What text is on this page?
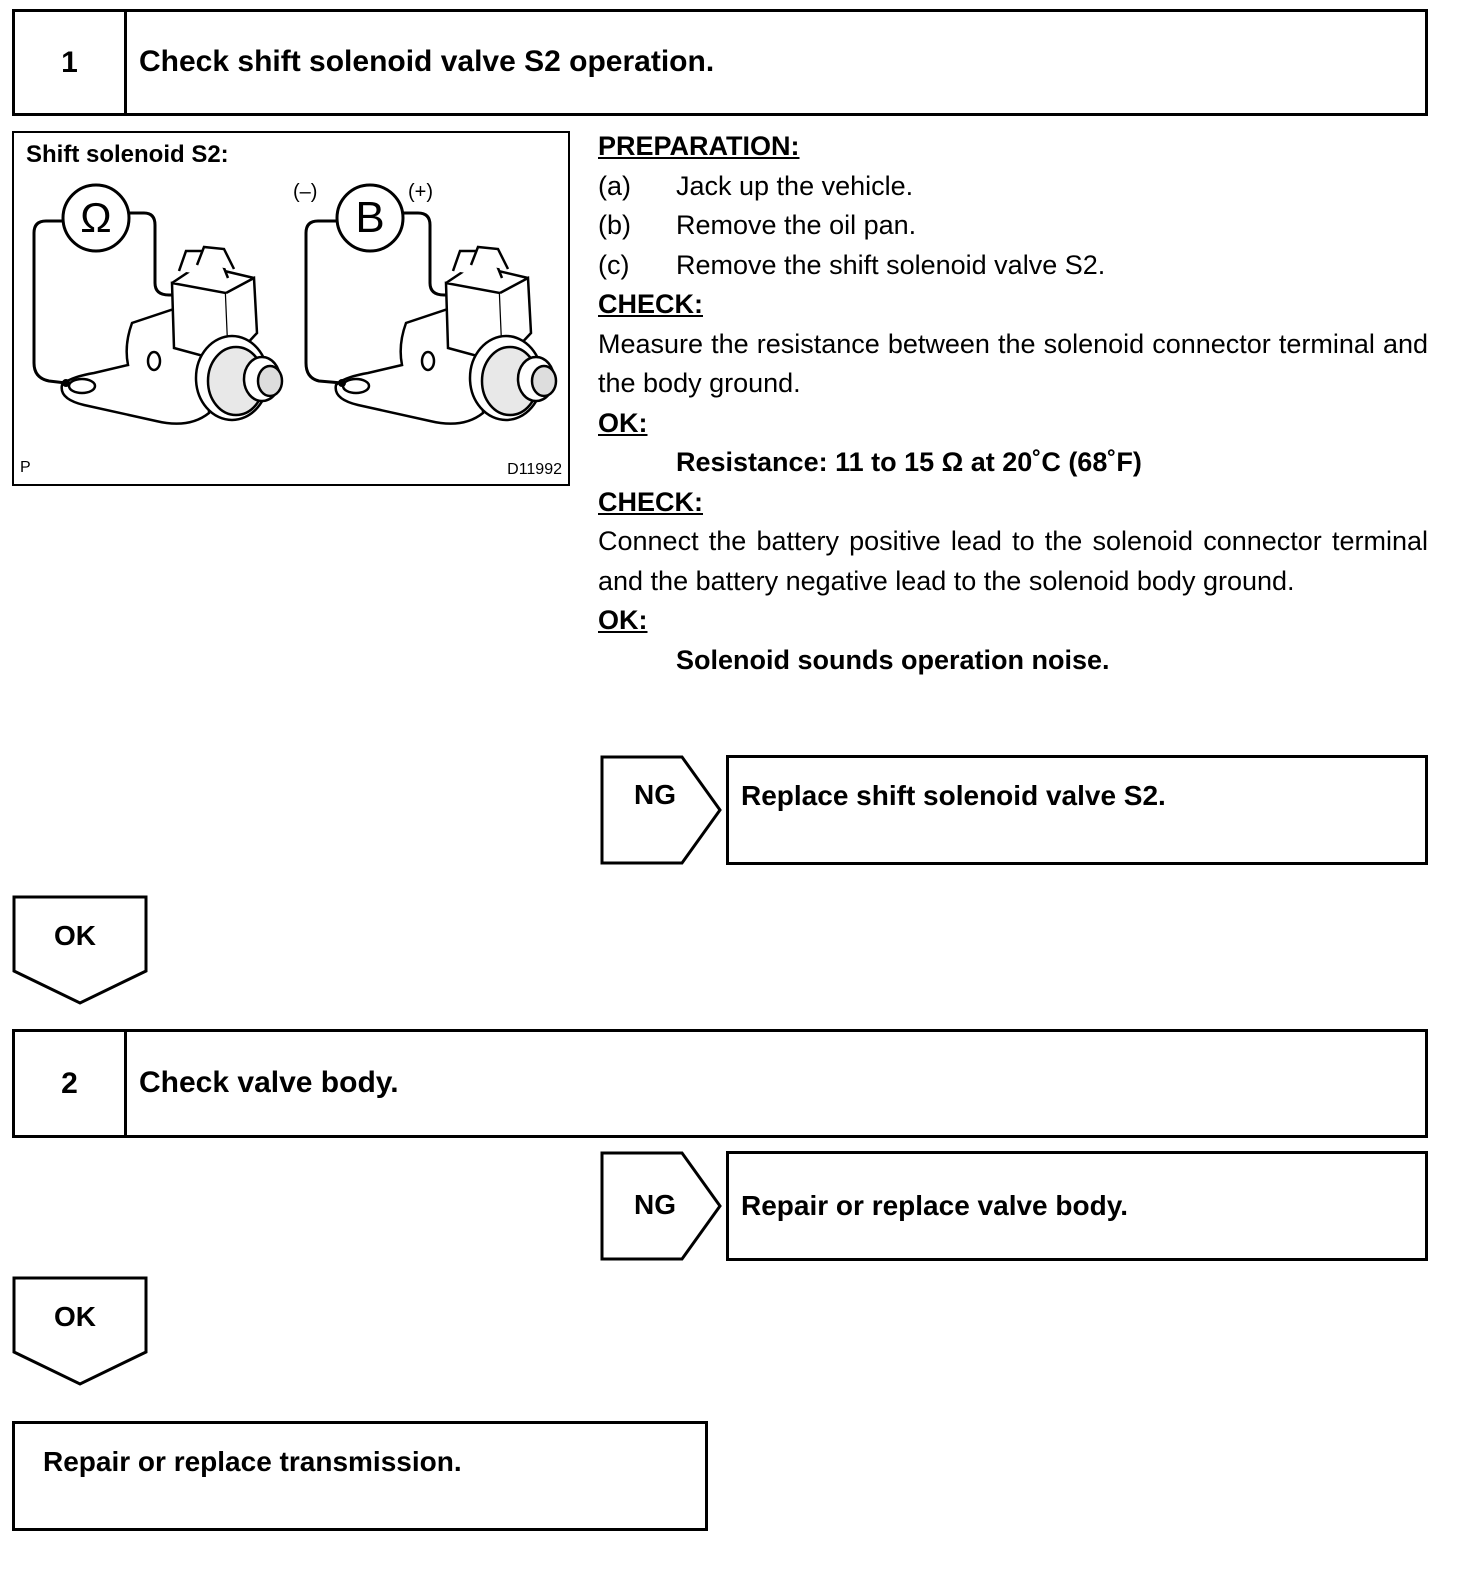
1 Check shift solenoid valve S2 operation.
Shift solenoid S2:
Ω	B
(–)	(+)
P	D11992
PREPARATION:
(a) Jack up the vehicle.
(b) Remove the oil pan.
(c) Remove the shift solenoid valve S2.
CHECK:
Measure the resistance between the solenoid connector terminal and the body ground.
OK:
Resistance: 11 to 15 Ω at 20˚C (68˚F)
CHECK:
Connect the battery positive lead to the solenoid connector terminal and the battery negative lead to the solenoid body ground.
OK:
Solenoid sounds operation noise.
NG Replace shift solenoid valve S2.
OK
2 Check valve body.
NG Repair or replace valve body.
OK
Repair or replace transmission.
